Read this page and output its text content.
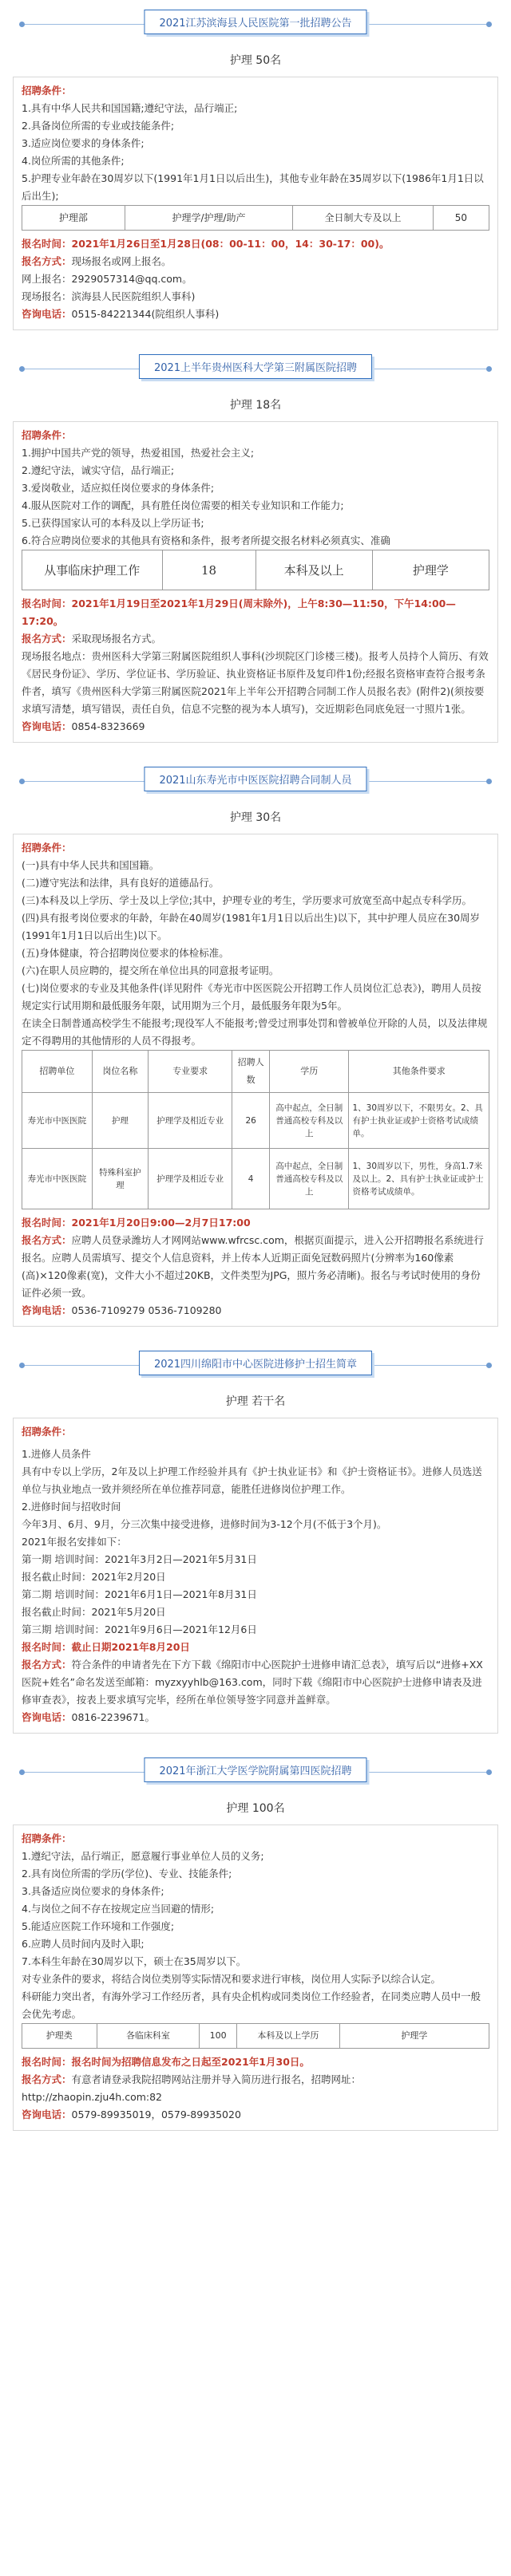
2021江苏滨海县人民医院第一批招聘公告
护理 50名
招聘条件：
1.具有中华人民共和国国籍;遵纪守法，品行端正;
2.具备岗位所需的专业或技能条件;
3.适应岗位要求的身体条件;
4.岗位所需的其他条件;
5.护理专业年龄在30周岁以下(1991年1月1日以后出生)，其他专业年龄在35周岁以下(1986年1月1日以后出生);
护理部	护理学/护理/助产	全日制大专及以上	50
报名时间：2021年1月26日至1月28日(08：00-11：00，14：30-17：00)。
报名方式：现场报名或网上报名。
网上报名：2929057314@qq.com。
现场报名：滨海县人民医院组织人事科)
咨询电话：0515-84221344(院组织人事科)
2021上半年贵州医科大学第三附属医院招聘
护理 18名
招聘条件：
1.拥护中国共产党的领导，热爱祖国，热爱社会主义;
2.遵纪守法，诚实守信，品行端正;
3.爱岗敬业，适应拟任岗位要求的身体条件;
4.服从医院对工作的调配，具有胜任岗位需要的相关专业知识和工作能力;
5.已获得国家认可的本科及以上学历证书;
6.符合应聘岗位要求的其他具有资格和条件，报考者所提交报名材料必须真实、准确
从事临床护理工作	18	本科及以上	护理学
报名时间：2021年1月19日至2021年1月29日(周末除外)，上午8:30—11:50，下午14:00—17:20。
报名方式：采取现场报名方式。
现场报名地点：贵州医科大学第三附属医院组织人事科(沙坝院区门诊楼三楼)。报考人员持个人简历、有效《居民身份证》、学历、学位证书、学历验证、执业资格证书原件及复印件1份;经报名资格审查符合报考条件者，填写《贵州医科大学第三附属医院2021年上半年公开招聘合同制工作人员报名表》(附件2)(须按要求填写清楚，填写错误，责任自负，信息不完整的视为本人填写)，交近期彩色同底免冠一寸照片1张。
咨询电话：0854-8323669
2021山东寿光市中医医院招聘合同制人员
护理 30名
招聘条件：
(一)具有中华人民共和国国籍。
(二)遵守宪法和法律，具有良好的道德品行。
(三)本科及以上学历、学士及以上学位;其中，护理专业的考生，学历要求可放宽至高中起点专科学历。
(四)具有报考岗位要求的年龄，年龄在40周岁(1981年1月1日以后出生)以下，其中护理人员应在30周岁(1991年1月1日以后出生)以下。
(五)身体健康，符合招聘岗位要求的体检标准。
(六)在职人员应聘的，提交所在单位出具的同意报考证明。
(七)岗位要求的专业及其他条件(详见附件《寿光市中医医院公开招聘工作人员岗位汇总表》)，聘用人员按规定实行试用期和最低服务年限，试用期为三个月，最低服务年限为5年。
在读全日制普通高校学生不能报考;现役军人不能报考;曾受过刑事处罚和曾被单位开除的人员，以及法律规定不得聘用的其他情形的人员不得报考。
招聘单位	岗位名称	专业要求	招聘人数	学历	其他条件要求
寿光市中医医院	护理	护理学及相近专业	26	高中起点，全日制普通高校专科及以上	1、30周岁以下，不限男女。2、具有护士执业证或护士资格考试成绩单。
寿光市中医医院	特殊科室护理	护理学及相近专业	4	高中起点，全日制普通高校专科及以上	1、30周岁以下，男性，身高1.7米及以上。2、具有护士执业证或护士资格考试成绩单。
报名时间：2021年1月20日9:00—2月7日17:00
报名方式：应聘人员登录潍坊人才网网站www.wfrcsc.com，根据页面提示，进入公开招聘报名系统进行报名。应聘人员需填写、提交个人信息资料，并上传本人近期正面免冠数码照片(分辨率为160像素(高)×120像素(宽)，文件大小不超过20KB，文件类型为JPG，照片务必清晰)。报名与考试时使用的身份证件必须一致。
咨询电话：0536-7109279 0536-7109280
2021四川绵阳市中心医院进修护士招生简章
护理 若干名
招聘条件：
1.进修人员条件
具有中专以上学历，2年及以上护理工作经验并具有《护士执业证书》和《护士资格证书》。进修人员选送单位与执业地点一致并须经所在单位推荐同意，能胜任进修岗位护理工作。
2.进修时间与招收时间
今年3月、6月、9月，分三次集中接受进修，进修时间为3-12个月(不低于3个月)。
2021年报名安排如下：
第一期 培训时间：2021年3月2日—2021年5月31日
报名截止时间：2021年2月20日
第二期 培训时间：2021年6月1日—2021年8月31日
报名截止时间：2021年5月20日
第三期 培训时间：2021年9月6日—2021年12月6日
报名时间：截止日期2021年8月20日
报名方式：符合条件的申请者先在下方下载《绵阳市中心医院护士进修申请汇总表》，填写后以“进修+XX医院+姓名”命名发送至邮箱：myzxyyhlb@163.com，同时下载《绵阳市中心医院护士进修申请表及进修审查表》，按表上要求填写完毕，经所在单位领导签字同意并盖鲜章。
咨询电话：0816-2239671。
2021年浙江大学医学院附属第四医院招聘
护理 100名
招聘条件：
1.遵纪守法，品行端正，愿意履行事业单位人员的义务;
2.具有岗位所需的学历(学位)、专业、技能条件;
3.具备适应岗位要求的身体条件;
4.与岗位之间不存在按规定应当回避的情形;
5.能适应医院工作环境和工作强度;
6.应聘人员时间内及时入职;
7.本科生年龄在30周岁以下，硕士在35周岁以下。
对专业条件的要求，将结合岗位类别等实际情况和要求进行审核，岗位用人实际予以综合认定。
科研能力突出者，有海外学习工作经历者，具有央企机构或同类岗位工作经验者，在同类应聘人员中一般会优先考虑。
护理类	各临床科室	100	本科及以上学历	护理学
报名时间：报名时间为招聘信息发布之日起至2021年1月30日。
报名方式：有意者请登录我院招聘网站注册并导入简历进行报名，招聘网址：
http://zhaopin.zju4h.com:82
咨询电话：0579-89935019，0579-89935020
